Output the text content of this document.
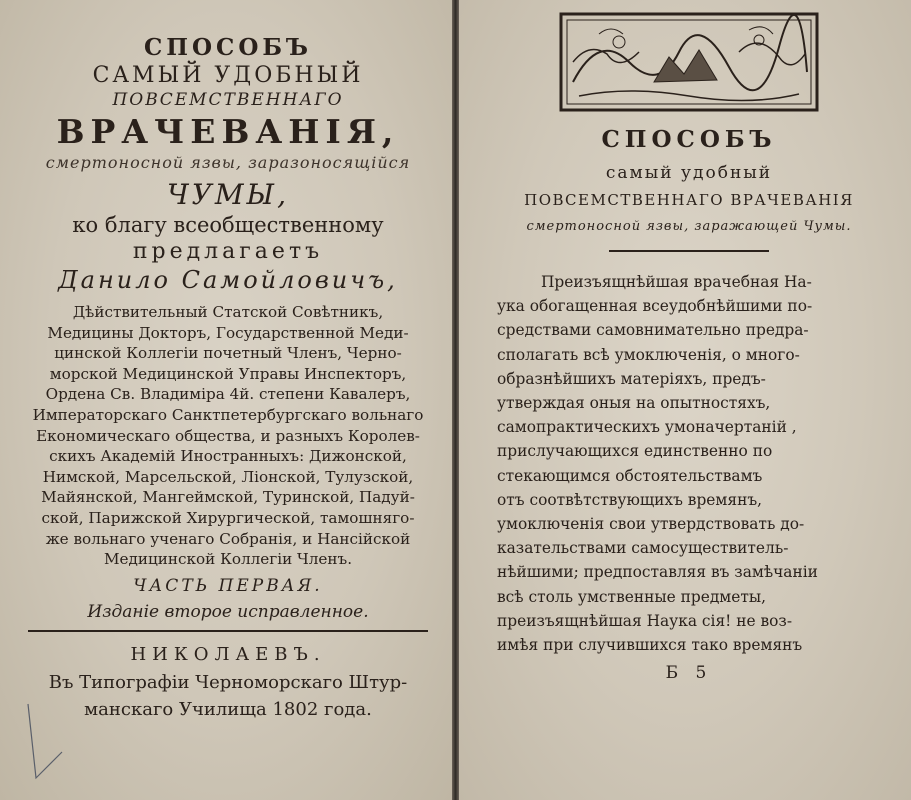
СПОСОБЪ
САМЫЙ УДОБНЫЙ
ПОВСЕМСТВЕННАГО
ВРАЧЕВАНІЯ,
смертоносной язвы, заразоносящійся
ЧУМЫ,
ко благу всеобщественному
предлагаетъ
Данило Самойловичъ,
Дѣйствительный Статской Совѣтникъ,
Медицины Докторъ, Государственной Меди-
цинской Коллегіи почетный Членъ, Черно-
морской Медицинской Управы Инспекторъ,
Ордена Св. Владиміра 4й. степени Кавалеръ,
Императорскаго Санктпетербургскаго вольнаго
Економическаго общества, и разныхъ Королев-
скихъ Академій Иностранныхъ: Дижонской,
Нимской, Марсельской, Ліонской, Тулузской,
Майянской, Мангеймской, Туринской, Падуй-
ской, Парижской Хирургической, тамошняго-
же вольнаго ученаго Собранія, и Нансійской
Медицинской Коллегіи Членъ.
ЧАСТЬ ПЕРВАЯ.
Изданіе второе исправленное.
НИКОЛАЕВЪ.
Въ Типографіи Черноморскаго Штур-
манскаго Училища 1802 года.
СПОСОБЪ
самый удобный
ПОВСЕМСТВЕННАГО ВРАЧЕВАНІЯ
смертоносной язвы, заражающей Чумы.
Преизъящнѣйшая врачебная На-
ука обогащенная всеудобнѣйшими по-
средствами самовнимательно предра-
сполагать всѣ умоключенія, о много-
образнѣйшихъ матеріяхъ, предъ-
утверждая оныя на опытностяхъ,
самопрактическихъ умоначертаній ,
прислучающихся единственно по
стекающимся обстоятельствамъ
отъ соотвѣтствующихъ времянъ,
умоключенія свои утвердствовать до-
казательствами самосуществитель-
нѣйшими; предпоставляя въ замѣчаніи
всѣ столь умственные предметы,
преизъящнѣйшая Наука сія! не воз-
имѣя при случившихся тако времянъ
Б 5
